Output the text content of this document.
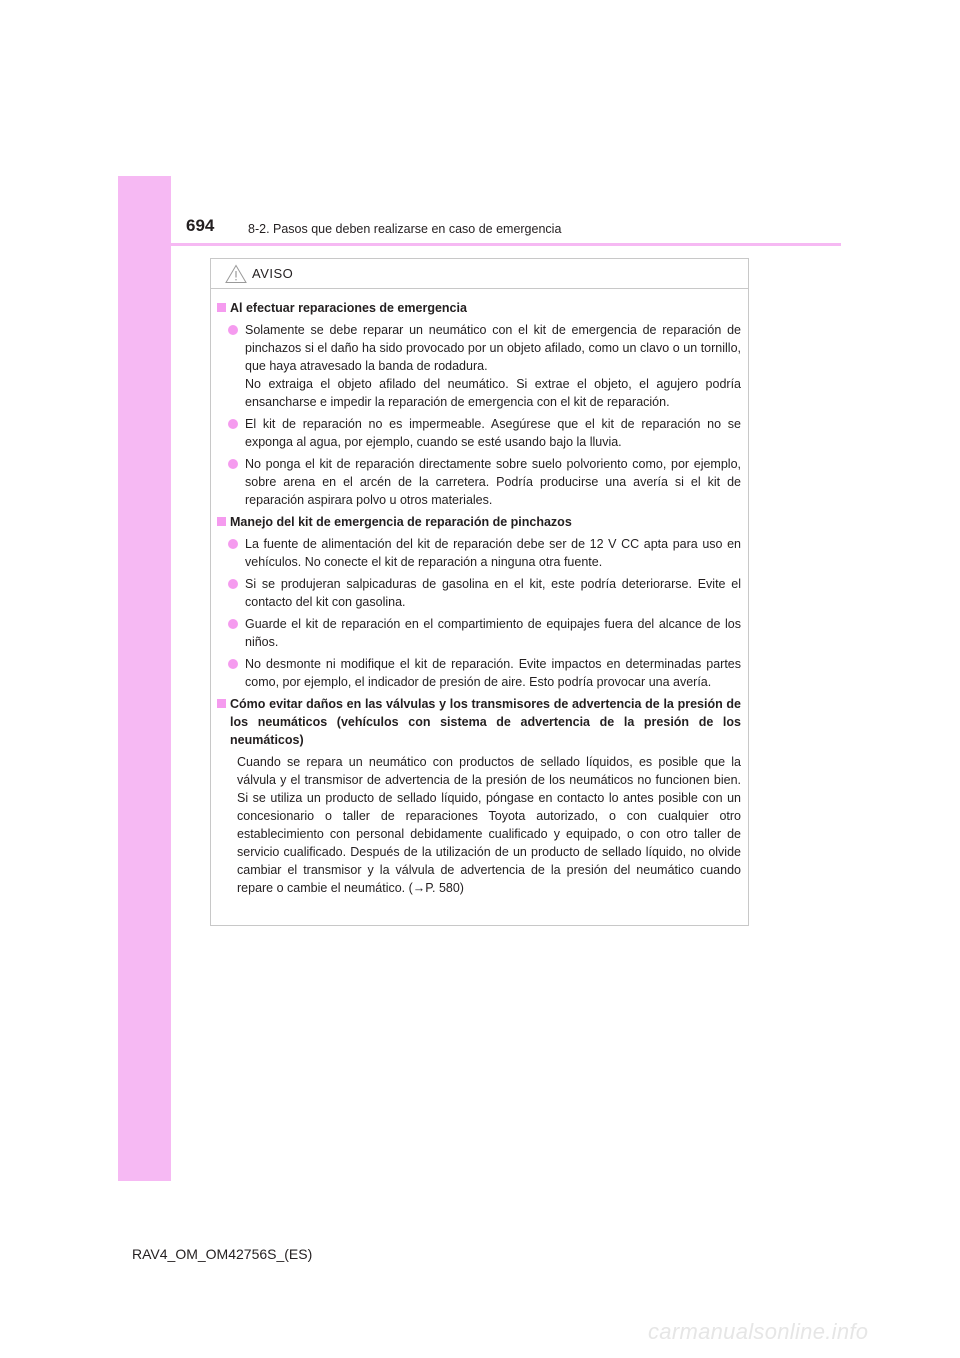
694	8-2. Pasos que deben realizarse en caso de emergencia
AVISO
Al efectuar reparaciones de emergencia
Solamente se debe reparar un neumático con el kit de emergencia de reparación de pinchazos si el daño ha sido provocado por un objeto afilado, como un clavo o un tornillo, que haya atravesado la banda de rodadura.
No extraiga el objeto afilado del neumático. Si extrae el objeto, el agujero podría ensancharse e impedir la reparación de emergencia con el kit de reparación.
El kit de reparación no es impermeable. Asegúrese que el kit de reparación no se exponga al agua, por ejemplo, cuando se esté usando bajo la lluvia.
No ponga el kit de reparación directamente sobre suelo polvoriento como, por ejemplo, sobre arena en el arcén de la carretera. Podría producirse una avería si el kit de reparación aspirara polvo u otros materiales.
Manejo del kit de emergencia de reparación de pinchazos
La fuente de alimentación del kit de reparación debe ser de 12 V CC apta para uso en vehículos. No conecte el kit de reparación a ninguna otra fuente.
Si se produjeran salpicaduras de gasolina en el kit, este podría deteriorarse. Evite el contacto del kit con gasolina.
Guarde el kit de reparación en el compartimiento de equipajes fuera del alcance de los niños.
No desmonte ni modifique el kit de reparación. Evite impactos en determinadas partes como, por ejemplo, el indicador de presión de aire. Esto podría provocar una avería.
Cómo evitar daños en las válvulas y los transmisores de advertencia de la presión de los neumáticos (vehículos con sistema de advertencia de la presión de los neumáticos)
Cuando se repara un neumático con productos de sellado líquidos, es posible que la válvula y el transmisor de advertencia de la presión de los neumáticos no funcionen bien. Si se utiliza un producto de sellado líquido, póngase en contacto lo antes posible con un concesionario o taller de reparaciones Toyota autorizado, o con cualquier otro establecimiento con personal debidamente cualificado y equipado, o con otro taller de servicio cualificado. Después de la utilización de un producto de sellado líquido, no olvide cambiar el transmisor y la válvula de advertencia de la presión del neumático cuando repare o cambie el neumático. (→P. 580)
RAV4_OM_OM42756S_(ES)
carmanualsonline.info
